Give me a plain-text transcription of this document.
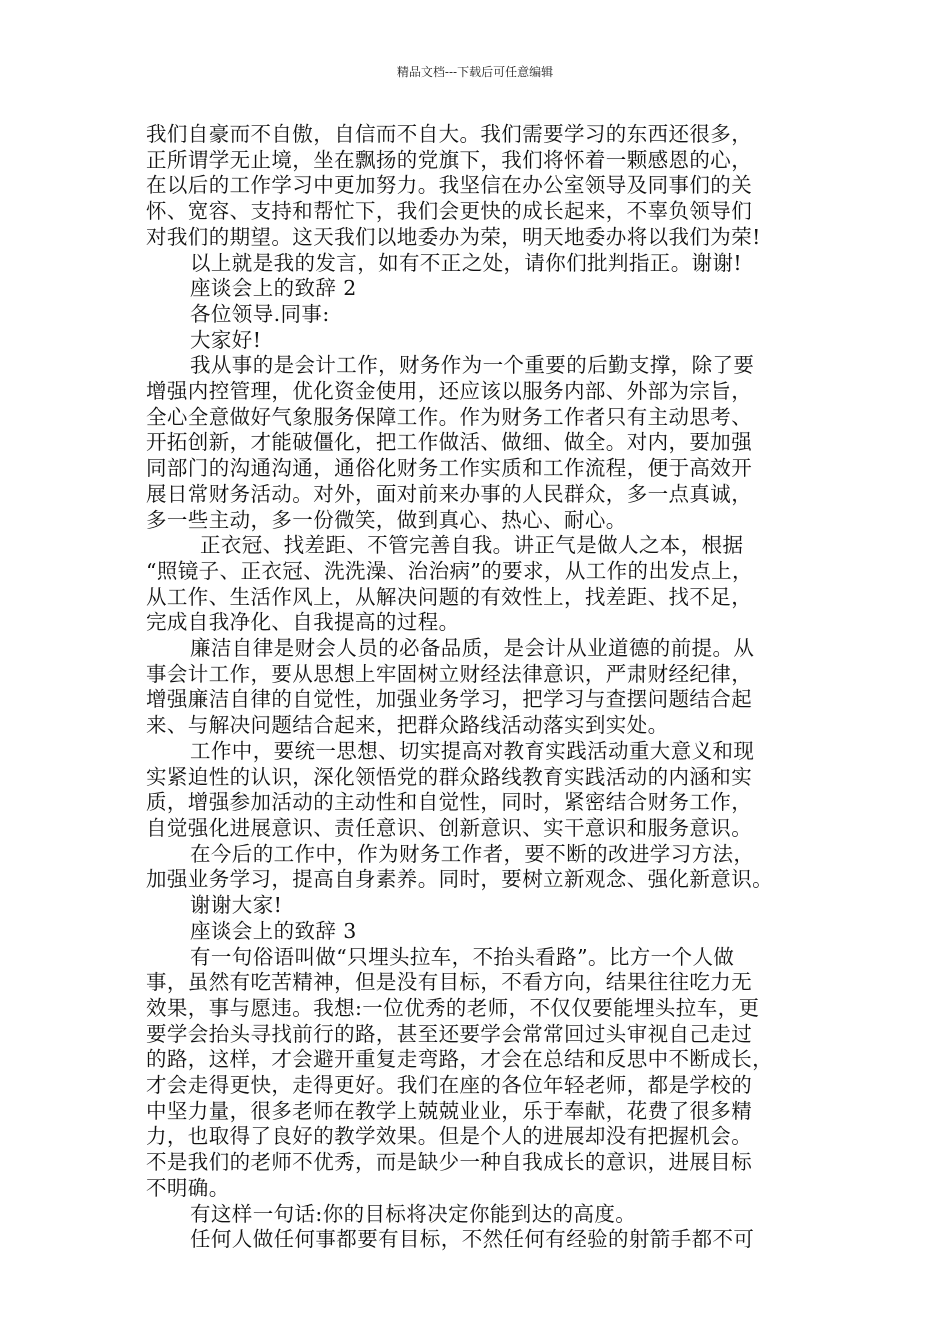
精品文档---下载后可任意编辑

我们自豪而不自傲，自信而不自大。我们需要学习的东西还很多，

正所谓学无止境，坐在飘扬的党旗下，我们将怀着一颗感恩的心，

在以后的工作学习中更加努力。我坚信在办公室领导及同事们的关

怀、宽容、支持和帮忙下，我们会更快的成长起来，不辜负领导们

对我们的期望。这天我们以地委办为荣，明天地委办将以我们为荣!

以上就是我的发言，如有不正之处，请你们批判指正。谢谢!

座谈会上的致辞 2

各位领导.同事:

大家好!

我从事的是会计工作，财务作为一个重要的后勤支撑，除了要

增强内控管理，优化资金使用，还应该以服务内部、外部为宗旨，

全心全意做好气象服务保障工作。作为财务工作者只有主动思考、

开拓创新，才能破僵化，把工作做活、做细、做全。对内，要加强

同部门的沟通沟通，通俗化财务工作实质和工作流程，便于高效开

展日常财务活动。对外，面对前来办事的人民群众，多一点真诚，

多一些主动，多一份微笑，做到真心、热心、耐心。

正衣冠、找差距、不管完善自我。讲正气是做人之本，根据

“照镜子、正衣冠、洗洗澡、治治病”的要求，从工作的出发点上，

从工作、生活作风上，从解决问题的有效性上，找差距、找不足，

完成自我净化、自我提高的过程。

廉洁自律是财会人员的必备品质，是会计从业道德的前提。从

事会计工作，要从思想上牢固树立财经法律意识，严肃财经纪律，

增强廉洁自律的自觉性，加强业务学习，把学习与查摆问题结合起

来、与解决问题结合起来，把群众路线活动落实到实处。

工作中，要统一思想、切实提高对教育实践活动重大意义和现

实紧迫性的认识，深化领悟党的群众路线教育实践活动的内涵和实

质，增强参加活动的主动性和自觉性，同时，紧密结合财务工作，

自觉强化进展意识、责任意识、创新意识、实干意识和服务意识。

在今后的工作中，作为财务工作者，要不断的改进学习方法，

加强业务学习，提高自身素养。同时，要树立新观念、强化新意识。

谢谢大家!

座谈会上的致辞 3

有一句俗语叫做“只埋头拉车，不抬头看路”。比方一个人做

事，虽然有吃苦精神，但是没有目标，不看方向，结果往往吃力无

效果，事与愿违。我想:一位优秀的老师，不仅仅要能埋头拉车，更

要学会抬头寻找前行的路，甚至还要学会常常回过头审视自己走过

的路，这样，才会避开重复走弯路，才会在总结和反思中不断成长，

才会走得更快，走得更好。我们在座的各位年轻老师，都是学校的

中坚力量，很多老师在教学上兢兢业业，乐于奉献，花费了很多精

力，也取得了良好的教学效果。但是个人的进展却没有把握机会。

不是我们的老师不优秀，而是缺少一种自我成长的意识，进展目标

不明确。

有这样一句话:你的目标将决定你能到达的高度。

任何人做任何事都要有目标，不然任何有经验的射箭手都不可
